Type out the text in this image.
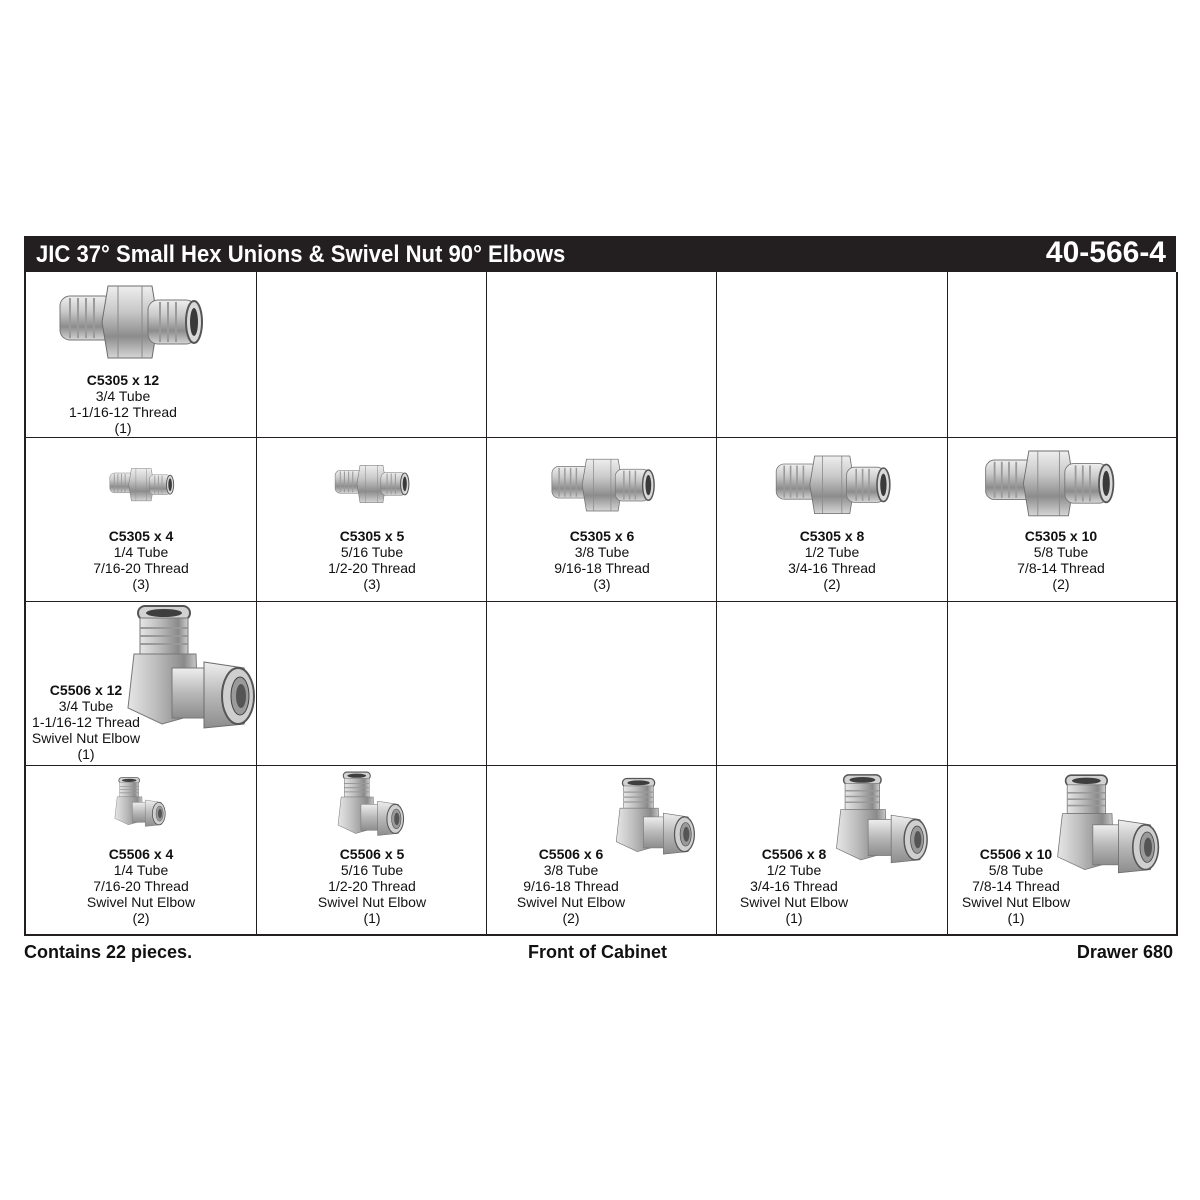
JIC 37° Small Hex Unions & Swivel Nut 90° Elbows	40-566-4
C5305 x 12
3/4 Tube
1-1/16-12 Thread
(1)
C5305 x 4
1/4 Tube
7/16-20 Thread
(3)
C5305 x 5
5/16 Tube
1/2-20 Thread
(3)
C5305 x 6
3/8 Tube
9/16-18 Thread
(3)
C5305 x 8
1/2 Tube
3/4-16 Thread
(2)
C5305 x 10
5/8 Tube
7/8-14 Thread
(2)
C5506 x 12
3/4 Tube
1-1/16-12 Thread
Swivel Nut Elbow
(1)
C5506 x 4
1/4 Tube
7/16-20 Thread
Swivel Nut Elbow
(2)
C5506 x 5
5/16 Tube
1/2-20 Thread
Swivel Nut Elbow
(1)
C5506 x 6
3/8 Tube
9/16-18 Thread
Swivel Nut Elbow
(2)
C5506 x 8
1/2 Tube
3/4-16 Thread
Swivel Nut Elbow
(1)
C5506 x 10
5/8 Tube
7/8-14 Thread
Swivel Nut Elbow
(1)
Contains 22 pieces.	Front of Cabinet	Drawer 680
